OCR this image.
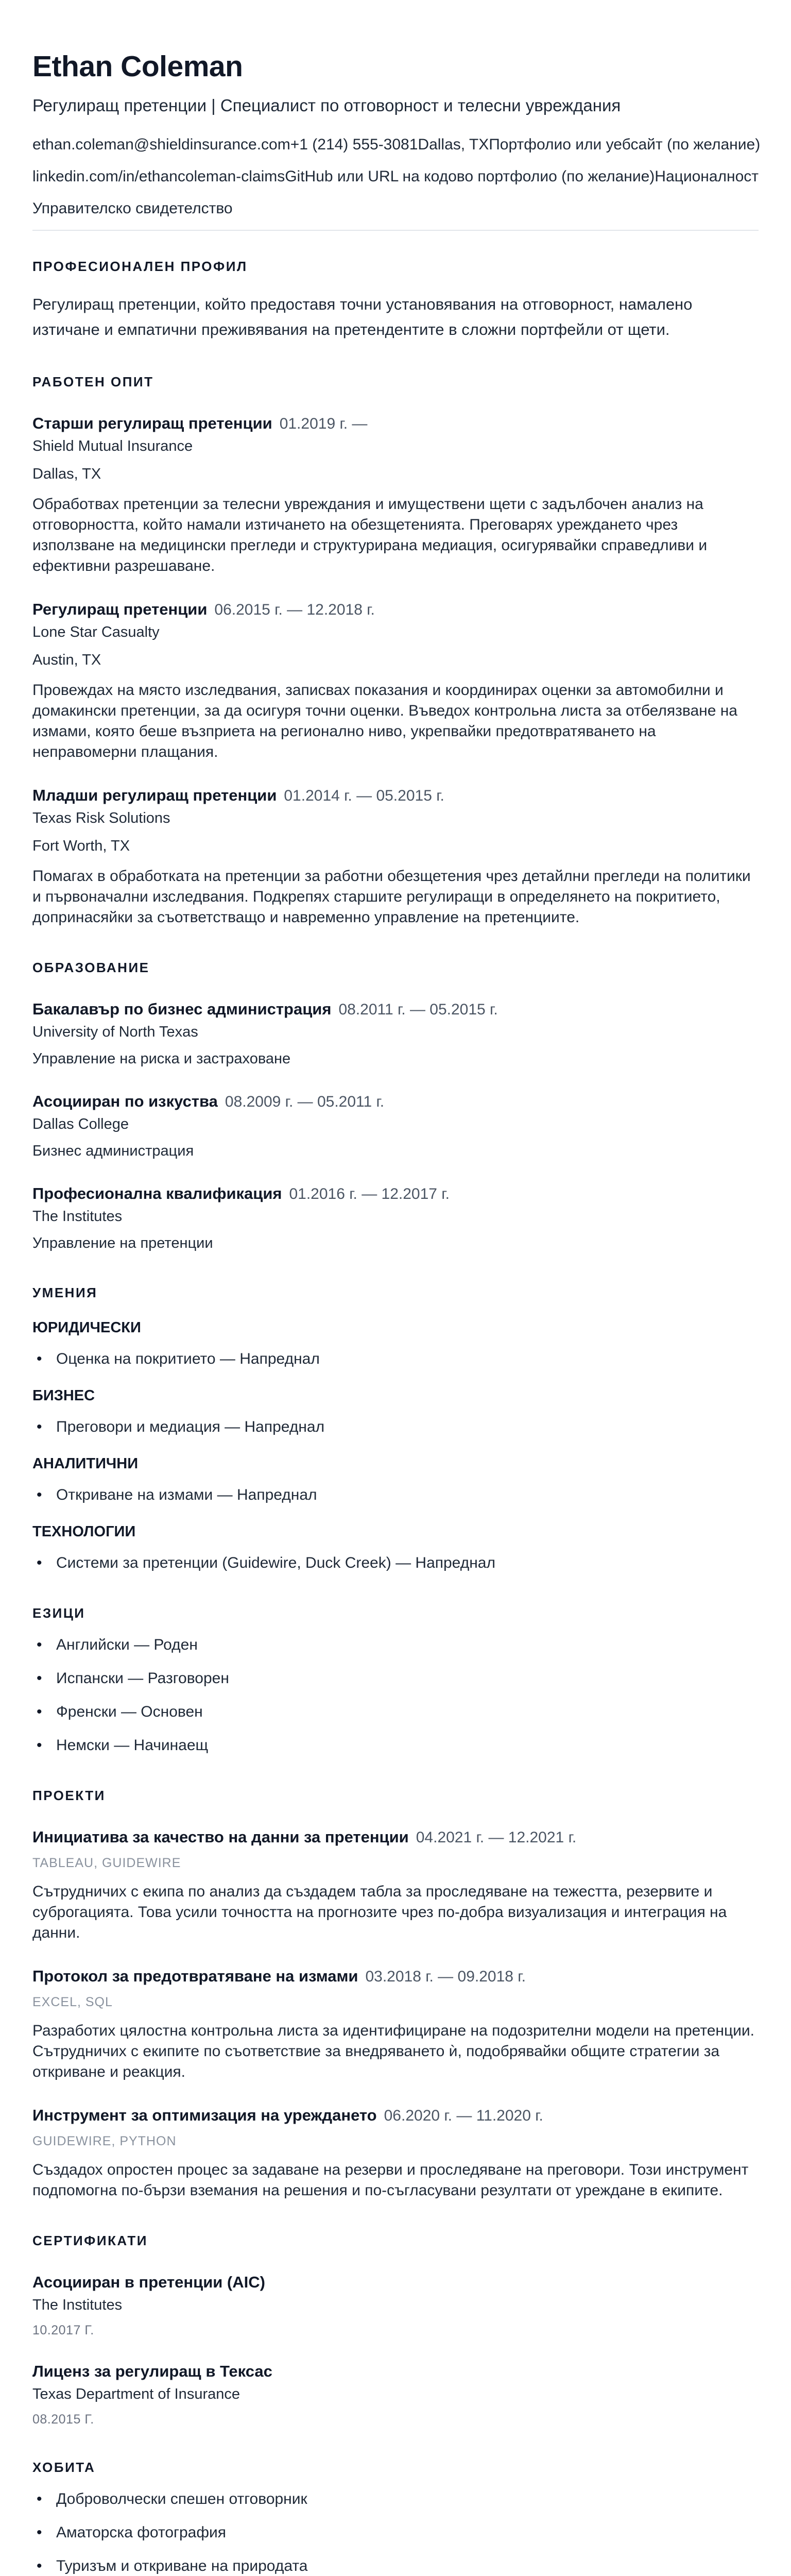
Ethan Coleman
Регулиращ претенции | Специалист по отговорност и телесни увреждания
ethan.coleman@shieldinsurance.com+1 (214) 555-3081Dallas, TXПортфолио или уебсайт (по желание)
linkedin.com/in/ethancoleman-claimsGitHub или URL на кодово портфолио (по желание)Националност
Управителско свидетелство
ПРОФЕСИОНАЛЕН ПРОФИЛ

Регулиращ претенции, който предоставя точни установявания на отговорност, намалено изтичане и емпатични преживявания на претендентите в сложни портфейли от щети.

РАБОТЕН ОПИТ
Старши регулиращ претенции 01.2019 г. —
Shield Mutual Insurance
Dallas, TX

Обработвах претенции за телесни увреждания и имуществени щети с задълбочен анализ на отговорността, който намали изтичането на обезщетенията. Преговарях уреждането чрез използване на медицински прегледи и структурирана медиация, осигурявайки справедливи и ефективни разрешаване.

Регулиращ претенции 06.2015 г. — 12.2018 г.
Lone Star Casualty
Austin, TX

Провеждах на място изследвания, записвах показания и координирах оценки за автомобилни и домакински претенции, за да осигуря точни оценки. Въведох контрольна листа за отбелязване на измами, която беше възприета на регионално ниво, укрепвайки предотвратяването на неправомерни плащания.

Младши регулиращ претенции 01.2014 г. — 05.2015 г.
Texas Risk Solutions
Fort Worth, TX

Помагах в обработката на претенции за работни обезщетения чрез детайлни прегледи на политики и първоначални изследвания. Подкрепях старшите регулиращи в определянето на покритието, допринасяйки за съответстващо и навременно управление на претенциите.

ОБРАЗОВАНИЕ
Бакалавър по бизнес администрация 08.2011 г. — 05.2015 г.
University of North Texas
Управление на риска и застраховане
Асоцииран по изкуства 08.2009 г. — 05.2011 г.
Dallas College
Бизнес администрация
Професионална квалификация 01.2016 г. — 12.2017 г.
The Institutes
Управление на претенции
УМЕНИЯ
ЮРИДИЧЕСКИ
• Оценка на покритието — Напреднал
БИЗНЕС
• Преговори и медиация — Напреднал
АНАЛИТИЧНИ
• Откриване на измами — Напреднал
ТЕХНОЛОГИИ
• Системи за претенции (Guidewire, Duck Creek) — Напреднал
ЕЗИЦИ
• Английски — Роден
• Испански — Разговорен
• Френски — Основен
• Немски — Начинаещ
ПРОЕКТИ
Инициатива за качество на данни за претенции 04.2021 г. — 12.2021 г.
TABLEAU, GUIDEWIRE

Сътрудничих с екипа по анализ да създадем табла за проследяване на тежестта, резервите и суброгацията. Това усили точността на прогнозите чрез по-добра визуализация и интеграция на данни.

Протокол за предотвратяване на измами 03.2018 г. — 09.2018 г.
EXCEL, SQL

Разработих цялостна контрольна листа за идентифициране на подозрителни модели на претенции. Сътрудничих с екипите по съответствие за внедряването ѝ, подобрявайки общите стратегии за откриване и реакция.

Инструмент за оптимизация на уреждането 06.2020 г. — 11.2020 г.
GUIDEWIRE, PYTHON

Създадох опростен процес за задаване на резерви и проследяване на преговори. Този инструмент подпомогна по-бързи вземания на решения и по-съгласувани резултати от уреждане в екипите.

СЕРТИФИКАТИ
Асоцииран в претенции (AIC)
The Institutes
10.2017 Г.
Лиценз за регулиращ в Тексас
Texas Department of Insurance
08.2015 Г.
ХОБИТА
• Доброволчески спешен отговорник
• Аматорска фотография
• Туризъм и откриване на природата
